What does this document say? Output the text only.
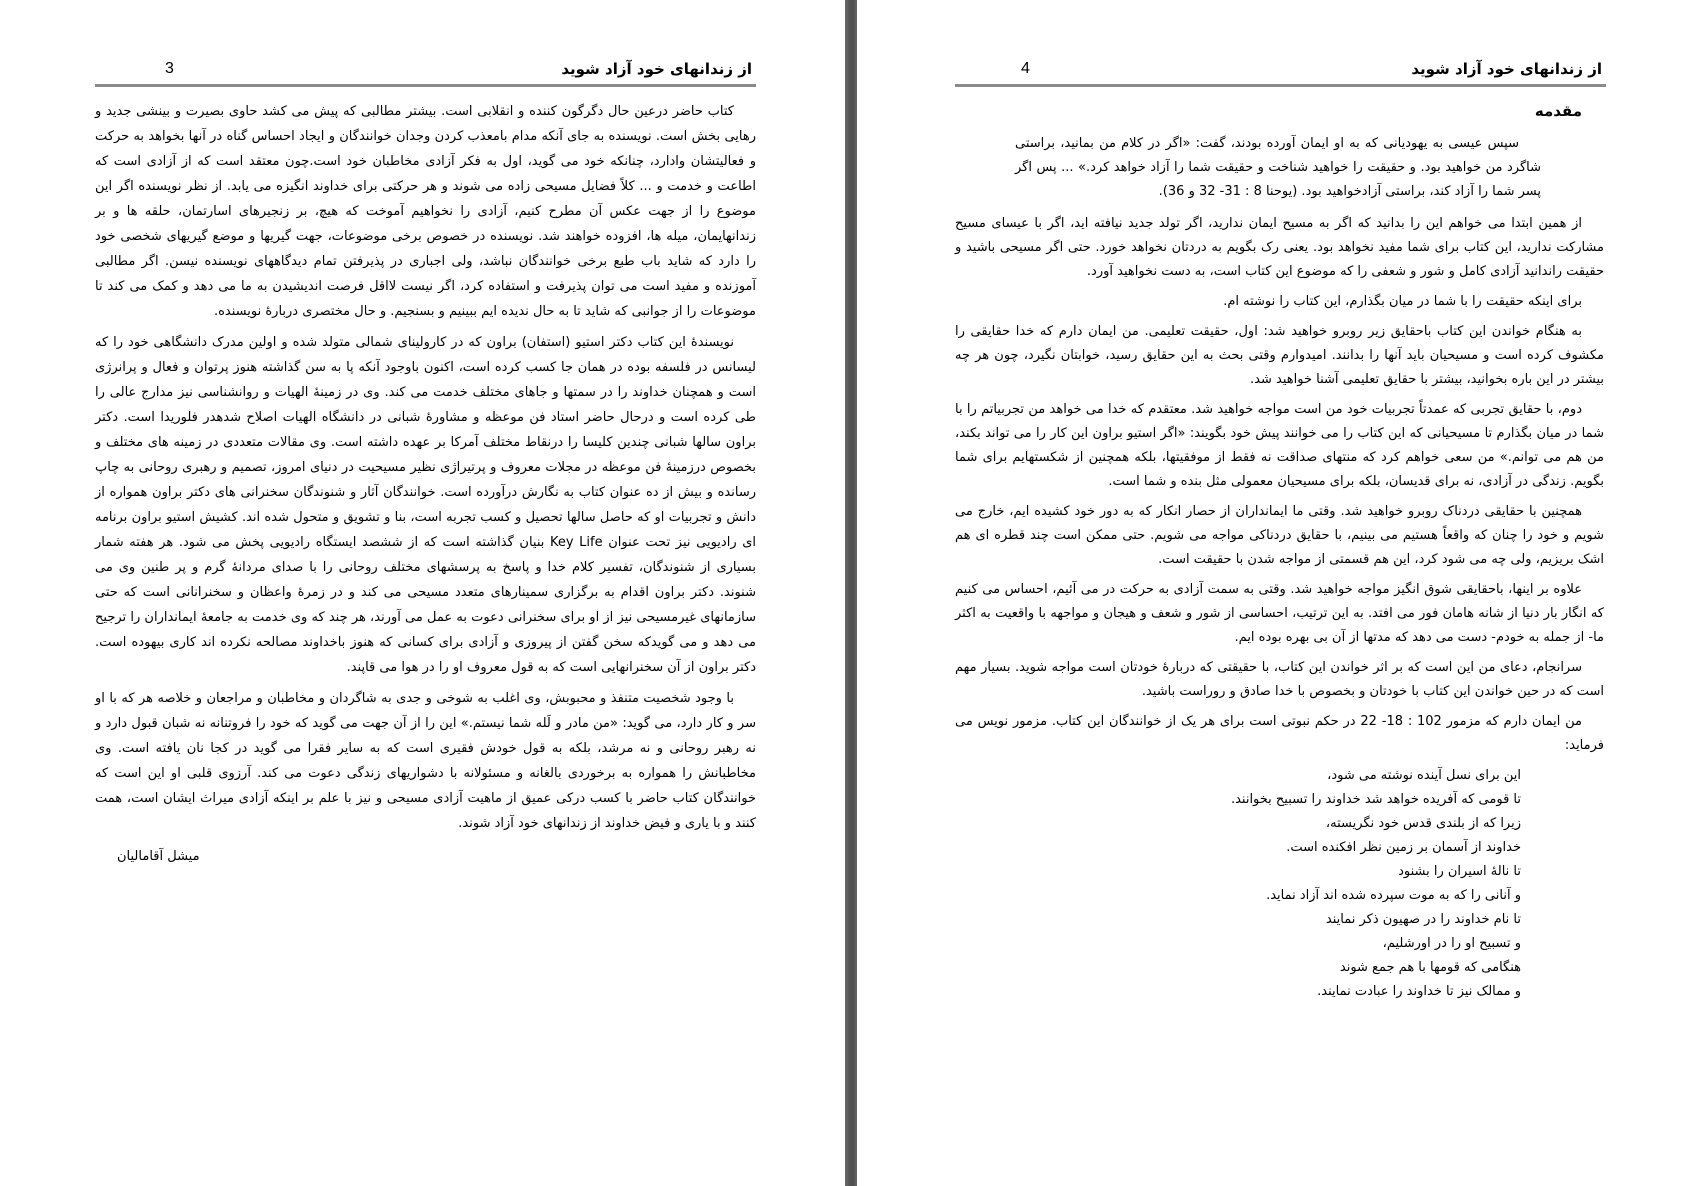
از زندانهای خود آزاد شوید
3

کتاب حاضر درعین حال دگرگون کننده و انقلابی است. بیشتر مطالبی که پیش می کشد حاوی بصیرت و بینشی جدید و رهایی بخش است. نویسنده به جای آنکه مدام بامعذب کردن وجدان خوانندگان و ایجاد احساس گناه در آنها بخواهد به حرکت و فعالیتشان وادارد، چنانکه خود می گوید، اول به فکر آزادی مخاطبان خود است.چون معتقد است که از آزادی است که اطاعت و خدمت و ... کلاً فضایل مسیحی زاده می شوند و هر حرکتی برای خداوند انگیزه می یابد. از نظر نویسنده اگر این موضوع را از جهت عکس آن مطرح کنیم، آزادی را نخواهیم آموخت که هیچ، بر زنجیرهای اسارتمان، حلقه ها و بر زندانهایمان، میله ها، افزوده خواهند شد. نویسنده در خصوص برخی موضوعات، جهت گیریها و موضع گیریهای شخصی خود را دارد که شاید باب طبع برخی خوانندگان نباشد، ولی اجباری در پذیرفتن تمام دیدگاههای نویسنده نیسن. اگر مطالبی آموزنده و مفید است می توان پذیرفت و استفاده کرد، اگر نیست لااقل فرصت اندیشیدن به ما می دهد و کمک می کند تا موضوعات را از جوانبی که شاید تا به حال ندیده ایم ببینیم و بسنجیم. و حال مختصری دربارۀ نویسنده.

نویسندۀ این کتاب دکتر استیو (استفان) براون که در کارولینای شمالی متولد شده و اولین مدرک دانشگاهی خود را که لیسانس در فلسفه بوده در همان جا کسب کرده است، اکنون باوجود آنکه پا به سن گذاشته هنوز پرتوان و فعال و پرانرژی است و همچنان خداوند را در سمتها و جاهای مختلف خدمت می کند. وی در زمینۀ الهیات و روانشناسی نیز مدارج عالی را طی کرده است و درحال حاضر استاد فن موعظه و مشاورۀ شبانی در دانشگاه الهیات اصلاح شدهدر فلوریدا است. دکتر براون سالها شبانی چندین کلیسا را درنقاط مختلف آمرکا بر عهده داشته است. وی مقالات متعددی در زمینه های مختلف و بخصوص درزمینۀ فن موعظه در مجلات معروف و پرتیراژی نظیر مسیحیت در دنیای امروز، تصمیم و رهبری روحانی به چاپ رسانده و بیش از ده عنوان کتاب به نگارش درآورده است. خوانندگان آثار و شنوندگان سخنرانی های دکتر براون همواره از دانش و تجربیات او که حاصل سالها تحصیل و کسب تجربه است، بنا و تشویق و متحول شده اند. کشیش استیو براون برنامه ای رادیویی نیز تحت عنوان Key Life بنیان گذاشته است که از ششصد ایستگاه رادیویی پخش می شود. هر هفته شمار بسیاری از شنوندگان، تفسیر کلام خدا و پاسخ به پرسشهای مختلف روحانی را با صدای مردانۀ گرم و پر طنین وی می شنوند. دکتر براون اقدام به برگزاری سمینارهای متعدد مسیحی می کند و در زمرۀ واعظان و سخنرانانی است که حتی سازمانهای غیرمسیحی نیز از او برای سخنرانی دعوت به عمل می آورند، هر چند که وی خدمت به جامعۀ ایمانداران را ترجیح می دهد و می گویدکه سخن گفتن از پیروزی و آزادی برای کسانی که هنوز باخداوند مصالحه نکرده اند کاری بیهوده است. دکتر براون از آن سخنرانهایی است که به قول معروف او را در هوا می قاپند.

با وجود شخصیت متنفذ و محبوبش، وی اغلب به شوخی و جدی به شاگردان و مخاطبان و مراجعان و خلاصه هر که با او سر و کار دارد، می گوید: «من مادر و لَله شما نیستم.» این را از آن جهت می گوید که خود را فروتنانه نه شبان قبول دارد و نه رهبر روحانی و نه مرشد، بلکه به قول خودش فقیری است که به سایر فقرا می گوید در کجا نان یافته است. وی مخاطبانش را همواره به برخوردی بالغانه و مسئولانه با دشواریهای زندگی دعوت می کند. آرزوی قلبی او این است که خوانندگان کتاب حاضر با کسب درکی عمیق از ماهیت آزادی مسیحی و نیز با علم بر اینکه آزادی میراث ایشان است، همت کنند و با یاری و فیض خداوند از زندانهای خود آزاد شوند.

میشل آقامالیان
از زندانهای خود آزاد شوید
4
مقدمه

سپس عیسی به یهودیانی که به او ایمان آورده بودند، گفت: «اگر در کلام من بمانید، براستی شاگرد من خواهید بود. و حقیقت را خواهید شناخت و حقیقت شما را آزاد خواهد کرد.» ... پس اگر پسر شما را آزاد کند، براستی آزادخواهید بود. (یوحنا 8 : 31- 32 و 36).

از همین ابتدا می خواهم این را بدانید که اگر به مسیح ایمان ندارید، اگر تولد جدید نیافته اید، اگر با عیسای مسیح مشارکت ندارید، این کتاب برای شما مفید نخواهد بود. یعنی رک بگویم به دردتان نخواهد خورد. حتی اگر مسیحی باشید و حقیقت راندانید آزادی کامل و شور و شعفی را که موضوع این کتاب است، به دست نخواهید آورد.

برای اینکه حقیقت را با شما در میان بگذارم، این کتاب را نوشته ام.

به هنگام خواندن این کتاب باحقایق زیر روبرو خواهید شد: اول، حقیقت تعلیمی. من ایمان دارم که خدا حقایقی را مکشوف کرده است و مسیحیان باید آنها را بدانند. امیدوارم وقتی بحث به این حقایق رسید، خوابتان نگیرد، چون هر چه بیشتر در این باره بخوانید، بیشتر با حقایق تعلیمی آشنا خواهید شد.

دوم، با حقایق تجربی که عمدتاً تجربیات خود من است مواجه خواهید شد. معتقدم که خدا می خواهد من تجربیاتم را با شما در میان بگذارم تا مسیحیانی که این کتاب را می خوانند پیش خود بگویند: «اگر استیو براون این کار را می تواند بکند، من هم می توانم.» من سعی خواهم کرد که منتهای صداقت نه فقط از موفقیتها، بلکه همچنین از شکستهایم برای شما بگویم. زندگی در آزادی، نه برای قدیسان، بلکه برای مسیحیان معمولی مثل بنده و شما است.

همچنین با حقایقی دردناک روبرو خواهید شد. وقتی ما ایمانداران از حصار انکار که به دور خود کشیده ایم، خارج می شویم و خود را چنان که واقعاً هستیم می بینیم، با حقایق دردناکی مواجه می شویم. حتی ممکن است چند قطره ای هم اشک بریزیم، ولی چه می شود کرد، این هم قسمتی از مواجه شدن با حقیقت است.

علاوه بر اینها، باحقایقی شوق انگیز مواجه خواهید شد. وقتی به سمت آزادی به حرکت در می آئیم، احساس می کنیم که انگار بار دنیا از شانه هامان فور می افتد. به این ترتیب، احساسی از شور و شعف و هیجان و مواجهه با واقعیت به اکثر ما- از جمله به خودم- دست می دهد که مدتها از آن بی بهره بوده ایم.

سرانجام، دعای من این است که بر اثر خواندن این کتاب، با حقیقتی که دربارۀ خودتان است مواجه شوید. بسیار مهم است که در حین خواندن این کتاب با خودتان و بخصوص با خدا صادق و روراست باشید.

من ایمان دارم که مزمور 102 : 18- 22 در حکم نبوتی است برای هر یک از خوانندگان این کتاب. مزمور نویس می فرماید:

این برای نسل آینده نوشته می شود،
تا قومی که آفریده خواهد شد خداوند را تسبیح بخوانند.
زیرا که از بلندی قدس خود نگریسته،
خداوند از آسمان بر زمین نظر افکنده است.
تا نالۀ اسیران را بشنود
و آنانی را که به موت سپرده شده اند آزاد نماید.
تا نام خداوند را در صهیون ذکر نمایند
و تسبیح او را در اورشلیم،
هنگامی که قومها با هم جمع شوند
و ممالک نیز تا خداوند را عبادت نمایند.
